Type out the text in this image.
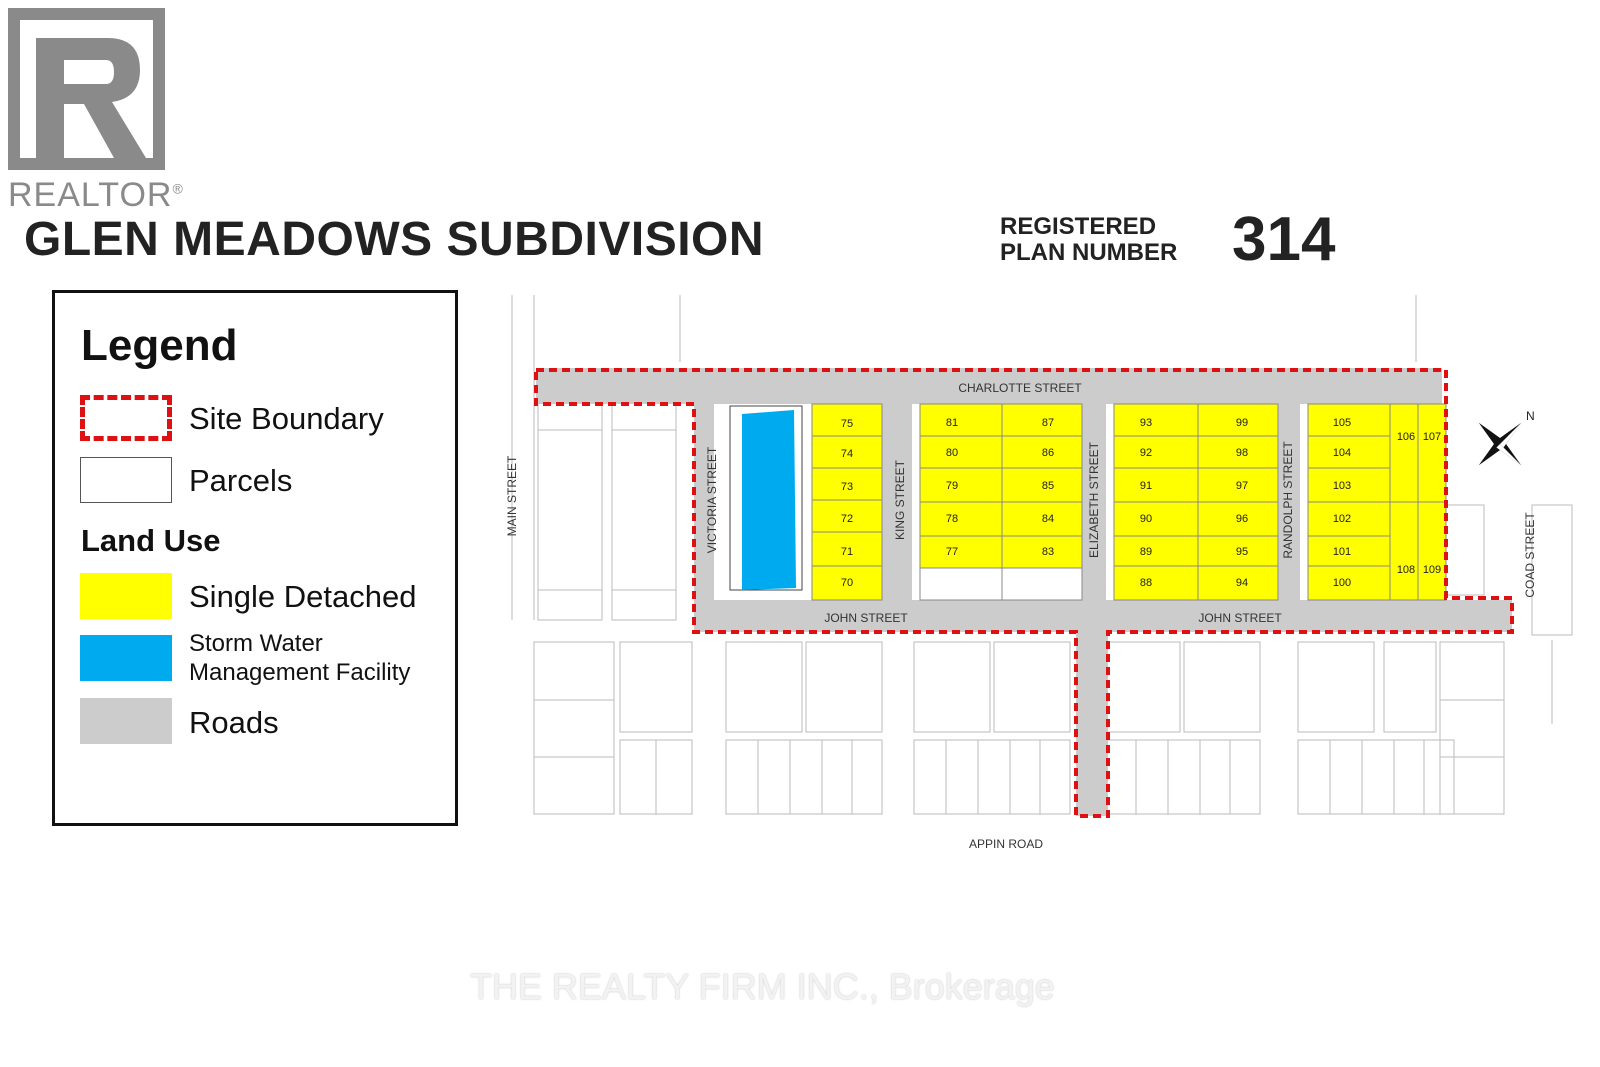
REALTOR®
GLEN MEADOWS SUBDIVISION	REGISTERED
PLAN NUMBER 314
Legend
Site Boundary
Parcels
Land Use
Single Detached
Storm Water
Management Facility
Roads
CHARLOTTE STREET
JOHN STREET	JOHN STREET
APPIN ROAD
MAIN STREET	VICTORIA STREET	KING STREET	ELIZABETH STREET	RANDOLPH STREET	COAD STREET
75
74
73
72
71
70
81
80
79
78
77
87
86
85
84
83
93
92
91
90
89
88
99
98
97
96
95
94
105
104
103
102
101
100
106 107
108 109
N
THE REALTY FIRM INC., Brokerage
